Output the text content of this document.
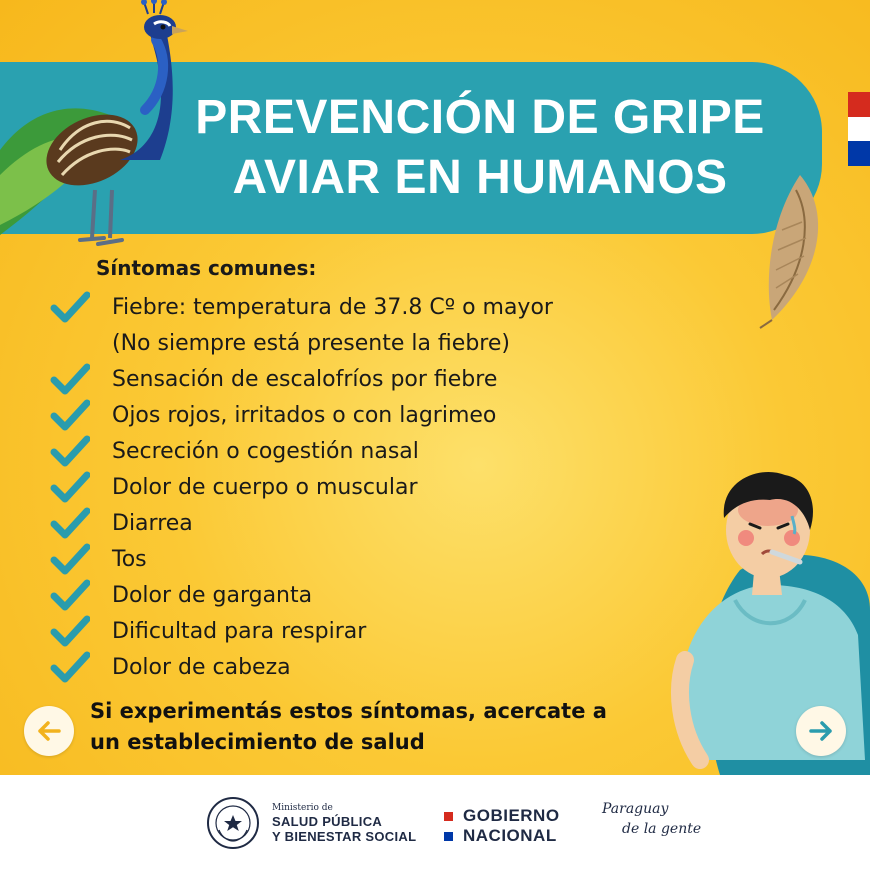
PREVENCIÓN DE GRIPE
AVIAR EN HUMANOS
Síntomas comunes:
Fiebre: temperatura de 37.8 Cº o mayor
(No siempre está presente la fiebre)
Sensación de escalofríos por fiebre
Ojos rojos, irritados o con lagrimeo
Secreción o cogestión nasal
Dolor de cuerpo o muscular
Diarrea
Tos
Dolor de garganta
Dificultad para respirar
Dolor de cabeza
Si experimentás estos síntomas, acercate a
un establecimiento de salud
Ministerio de
SALUD PÚBLICA
Y BIENESTAR SOCIAL
GOBIERNO
NACIONAL
Paraguay
de la gente
